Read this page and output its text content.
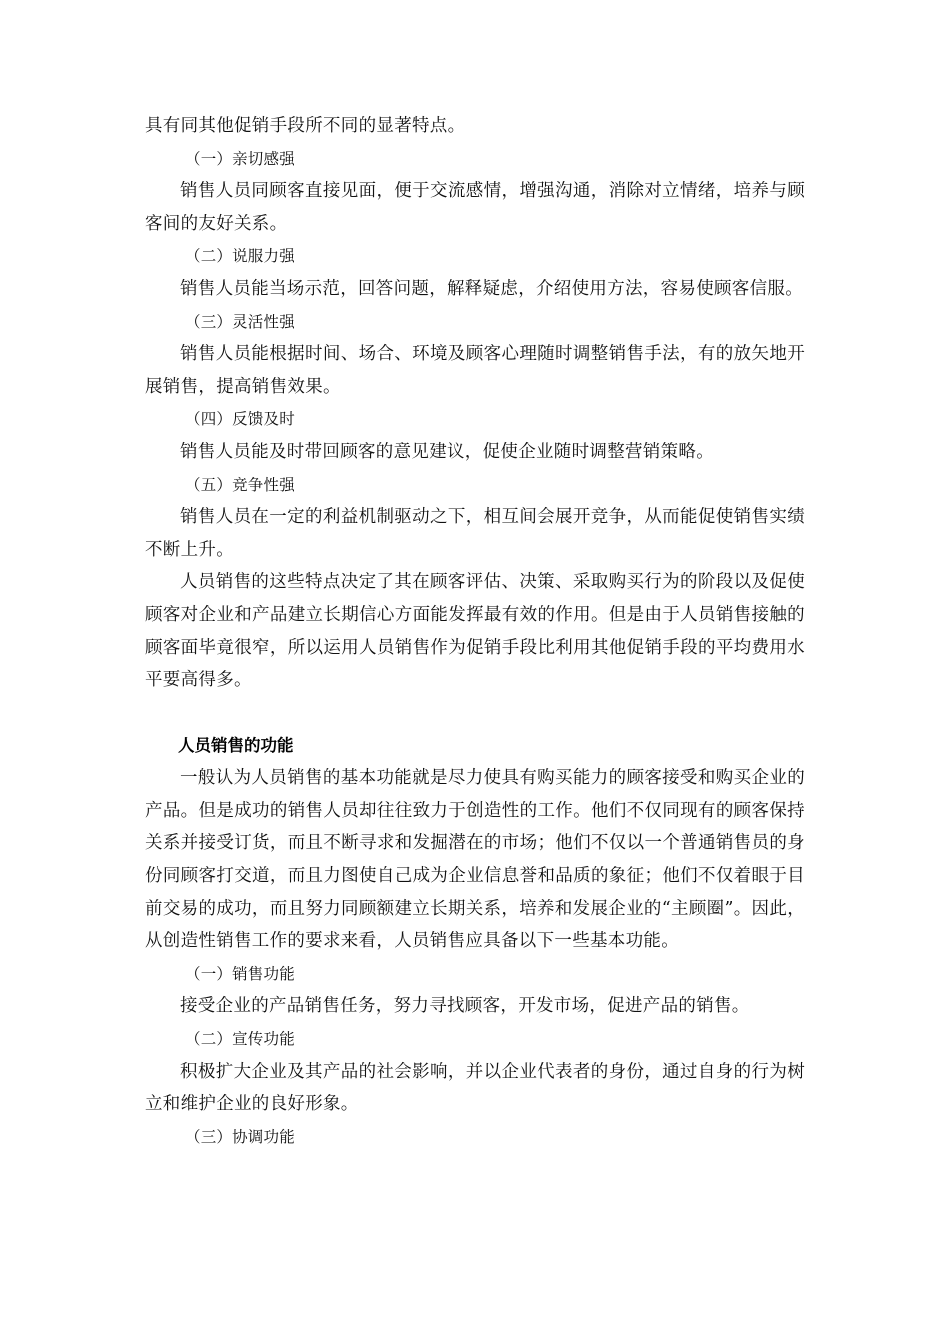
具有同其他促销手段所不同的显著特点。

（一）亲切感强

销售人员同顾客直接见面，便于交流感情，增强沟通，消除对立情绪，培养与顾客间的友好关系。

（二）说服力强

销售人员能当场示范，回答问题，解释疑虑，介绍使用方法，容易使顾客信服。

（三）灵活性强

销售人员能根据时间、场合、环境及顾客心理随时调整销售手法，有的放矢地开展销售，提高销售效果。

（四）反馈及时

销售人员能及时带回顾客的意见建议，促使企业随时调整营销策略。

（五）竞争性强

销售人员在一定的利益机制驱动之下，相互间会展开竞争，从而能促使销售实绩不断上升。

人员销售的这些特点决定了其在顾客评估、决策、采取购买行为的阶段以及促使顾客对企业和产品建立长期信心方面能发挥最有效的作用。但是由于人员销售接触的顾客面毕竟很窄，所以运用人员销售作为促销手段比利用其他促销手段的平均费用水平要高得多。

人员销售的功能

一般认为人员销售的基本功能就是尽力使具有购买能力的顾客接受和购买企业的产品。但是成功的销售人员却往往致力于创造性的工作。他们不仅同现有的顾客保持关系并接受订货，而且不断寻求和发掘潜在的市场；他们不仅以一个普通销售员的身份同顾客打交道，而且力图使自己成为企业信息誉和品质的象征；他们不仅着眼于目前交易的成功，而且努力同顾额建立长期关系，培养和发展企业的“主顾圈”。因此，从创造性销售工作的要求来看，人员销售应具备以下一些基本功能。

（一）销售功能

接受企业的产品销售任务，努力寻找顾客，开发市场，促进产品的销售。

（二）宣传功能

积极扩大企业及其产品的社会影响，并以企业代表者的身份，通过自身的行为树立和维护企业的良好形象。

（三）协调功能
